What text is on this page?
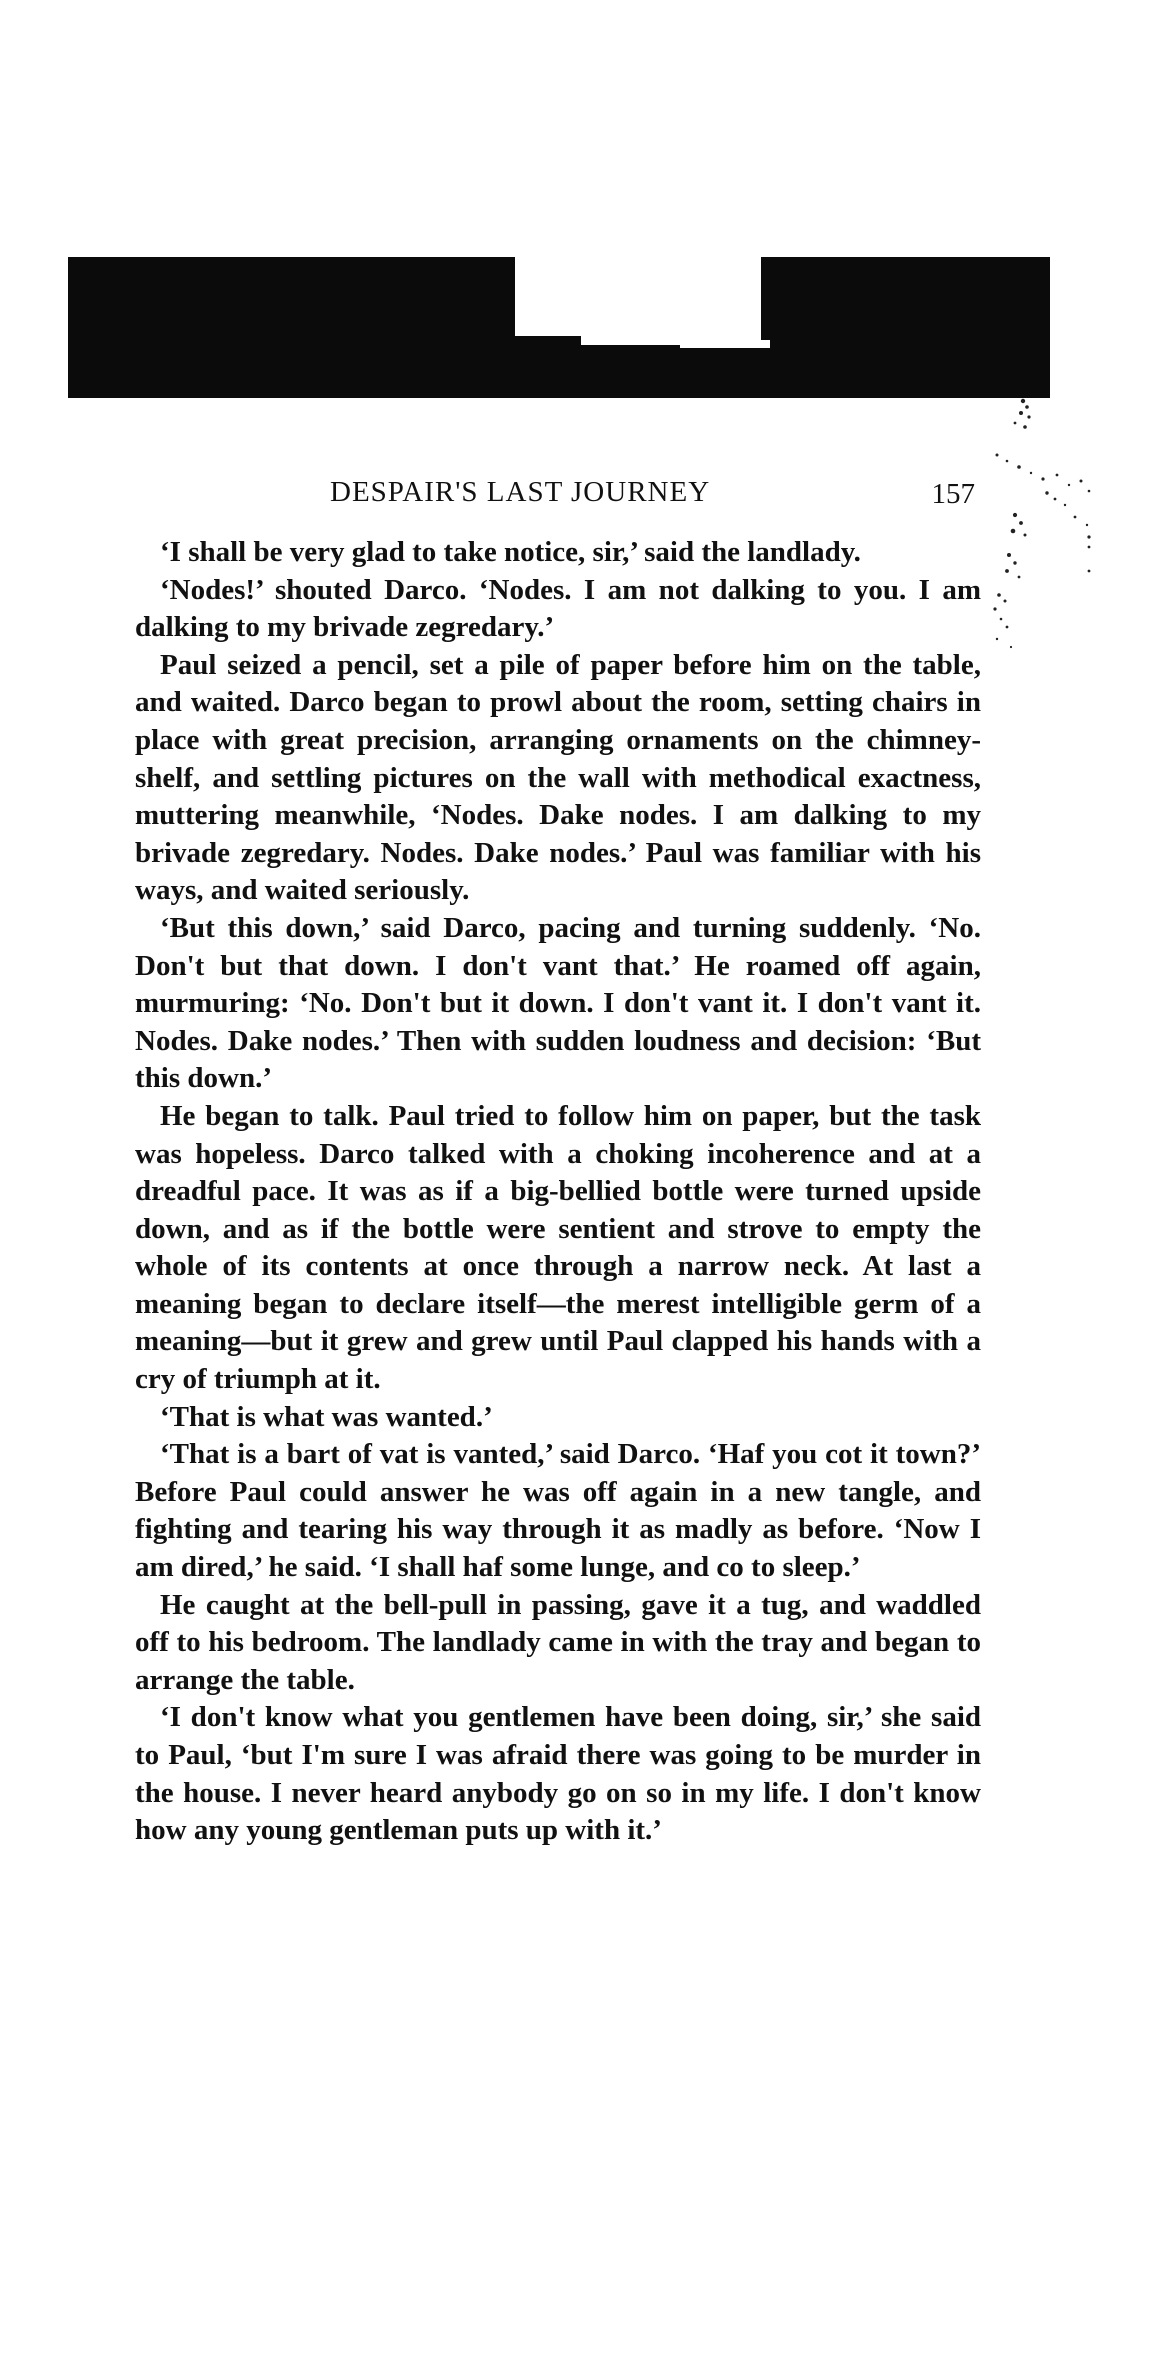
DESPAIR'S LAST JOURNEY	157

‘I shall be very glad to take notice, sir,’ said the landlady.

‘Nodes!’ shouted Darco. ‘Nodes. I am not dalking to you. I am dalking to my brivade zegredary.’

Paul seized a pencil, set a pile of paper before him on the table, and waited. Darco began to prowl about the room, setting chairs in place with great precision, arranging ornaments on the chimney-shelf, and settling pictures on the wall with methodical exactness, muttering meanwhile, ‘Nodes. Dake nodes. I am dalking to my brivade zegredary. Nodes. Dake nodes.’ Paul was familiar with his ways, and waited seriously.

‘But this down,’ said Darco, pacing and turning suddenly. ‘No. Don't but that down. I don't vant that.’ He roamed off again, murmuring: ‘No. Don't but it down. I don't vant it. I don't vant it. Nodes. Dake nodes.’ Then with sudden loudness and decision: ‘But this down.’

He began to talk. Paul tried to follow him on paper, but the task was hopeless. Darco talked with a choking incoherence and at a dreadful pace. It was as if a big-bellied bottle were turned upside down, and as if the bottle were sentient and strove to empty the whole of its contents at once through a narrow neck. At last a meaning began to declare itself—the merest intelligible germ of a meaning—but it grew and grew until Paul clapped his hands with a cry of triumph at it.

‘That is what was wanted.’

‘That is a bart of vat is vanted,’ said Darco. ‘Haf you cot it town?’ Before Paul could answer he was off again in a new tangle, and fighting and tearing his way through it as madly as before. ‘Now I am dired,’ he said. ‘I shall haf some lunge, and co to sleep.’

He caught at the bell-pull in passing, gave it a tug, and waddled off to his bedroom. The landlady came in with the tray and began to arrange the table.

‘I don't know what you gentlemen have been doing, sir,’ she said to Paul, ‘but I'm sure I was afraid there was going to be murder in the house. I never heard anybody go on so in my life. I don't know how any young gentleman puts up with it.’
